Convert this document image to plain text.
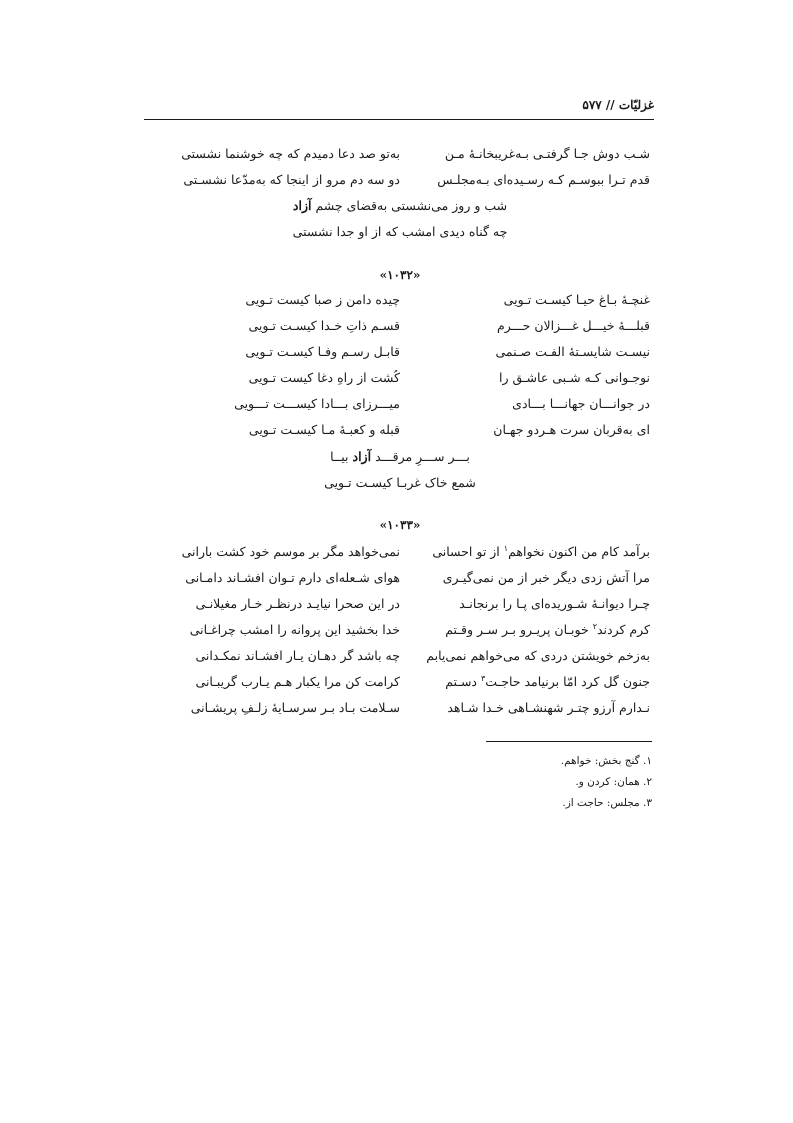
غزلیّات // ۵۷۷
شـب دوش جـا گرفتـی بـه‌غریبخانـهٔ مـن
به‌تو صد دعا دمیدم که چه خوشنما نشستی
قدم تـرا ببوسـم کـه رسـیده‌ای بـه‌مجلـس
دو سه دم مرو از اینجا که به‌مدّعا نشسـتی
شب و روز می‌نشستی به‌قضای چشم آزاد
چه گناه دیدی امشب که از او جدا نشستی
«۱۰۳۲»
غنچـهٔ بـاغ حیـا کیسـت تـویی
چیده دامن ز صبا کیست تـویی
قبلـــهٔ خیـــل غـــزالانِ حـــرم
قسـم ذاتِ خـدا کیسـت تـویی
نیسـت شایسـتهٔ الفـت صـنمی
قابـل رسـم وفـا کیسـت تـویی
نوجـوانی کـه شـبی عاشـق را
کُشت از راهِ دغا کیست تـویی
در جوانـــان جهانـــا بـــادی
میـــرزای بـــادا کیســـت تـــویی
ای به‌قربان سرت هـردو جهـان
قبله و کعبـهٔ مـا کیسـت تـویی
بـــر ســـرِ مرقـــد آزاد بیــا
شمع خاک غربـا کیسـت تـویی
«۱۰۳۳»
برآمد کام من اکنون نخواهم$^۱$ از تو احسانی
نمی‌خواهد مگر بر موسم خود کشت بارانی
مرا آتش زدی دیگر خبر از من نمی‌گیـری
هوای شـعله‌ای دارم تـوان افشـاند دامـانی
چـرا دیوانـهٔ شـوریده‌ای پـا را برنجانـد
در این صحرا نیایـد درنظـر خـارِ مغیلانـی
کرم کردند$^۲$ خوبـان پریـرو بـر سـر وقـتم
خدا بخشید این پروانه را امشب چراغـانی
به‌زخم خویشتن دردی که می‌خواهم نمی‌یابم
چه باشد گر دهـانِ یـار افشـاند نمکـدانی
جنون گل کرد امّا برنیامد حاجـت$^۳$ دسـتم
کرامت کن مرا یکبار هـم یـارب گریبـانی
نـدارم آرزو چتـر شهنشـاهی خـدا شـاهد
سـلامت بـاد بـر سرسـایهٔ زلـفِ پریشـانی
۱. گنج بخش: خواهم.
۲. همان: کردن و.
۳. مجلس: حاجت از.
